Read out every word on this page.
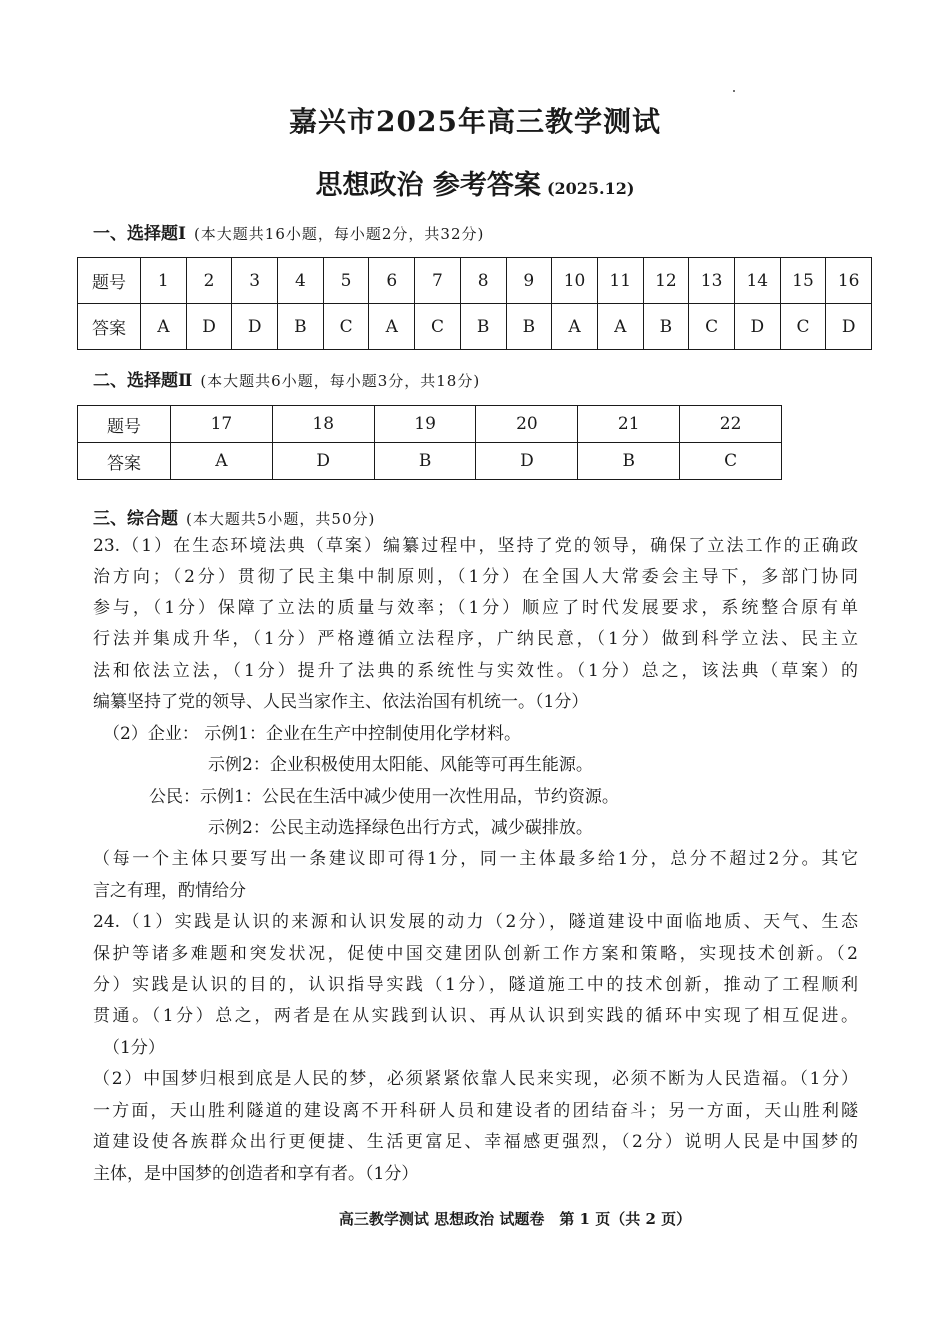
嘉兴市2025年高三教学测试
思想政治 参考答案 (2025.12)
一、选择题Ⅰ (本大题共16小题，每小题2分，共32分)
题号	1	2	3	4	5	6	7	8	9	10	11	12	13	14	15	16
答案	A	D	D	B	C	A	C	B	B	A	A	B	C	D	C	D
二、选择题Ⅱ (本大题共6小题，每小题3分，共18分)
题号	17	18	19	20	21	22
答案	A	D	B	D	B	C
三、综合题 (本大题共5小题，共50分)
23.（1）在生态环境法典（草案）编纂过程中，坚持了党的领导，确保了立法工作的正确政
治方向；（2分）贯彻了民主集中制原则，（1分）在全国人大常委会主导下，多部门协同
参与，（1分）保障了立法的质量与效率；（1分）顺应了时代发展要求，系统整合原有单
行法并集成升华，（1分）严格遵循立法程序，广纳民意，（1分）做到科学立法、民主立
法和依法立法，（1分）提升了法典的系统性与实效性。（1分）总之，该法典（草案）的
编纂坚持了党的领导、人民当家作主、依法治国有机统一。（1分）
（2）企业： 示例1：企业在生产中控制使用化学材料。
示例2：企业积极使用太阳能、风能等可再生能源。
公民：示例1：公民在生活中减少使用一次性用品，节约资源。
示例2：公民主动选择绿色出行方式，减少碳排放。
（每一个主体只要写出一条建议即可得1分，同一主体最多给1分，总分不超过2分。其它
言之有理，酌情给分
24.（1）实践是认识的来源和认识发展的动力（2分），隧道建设中面临地质、天气、生态
保护等诸多难题和突发状况，促使中国交建团队创新工作方案和策略，实现技术创新。（2
分）实践是认识的目的，认识指导实践（1分），隧道施工中的技术创新，推动了工程顺利
贯通。（1分）总之，两者是在从实践到认识、再从认识到实践的循环中实现了相互促进。
（1分）
（2）中国梦归根到底是人民的梦，必须紧紧依靠人民来实现，必须不断为人民造福。（1分）
一方面，天山胜利隧道的建设离不开科研人员和建设者的团结奋斗；另一方面，天山胜利隧
道建设使各族群众出行更便捷、生活更富足、幸福感更强烈，（2分）说明人民是中国梦的
主体，是中国梦的创造者和享有者。（1分）
高三教学测试 思想政治 试题卷　第 1 页（共 2 页）
